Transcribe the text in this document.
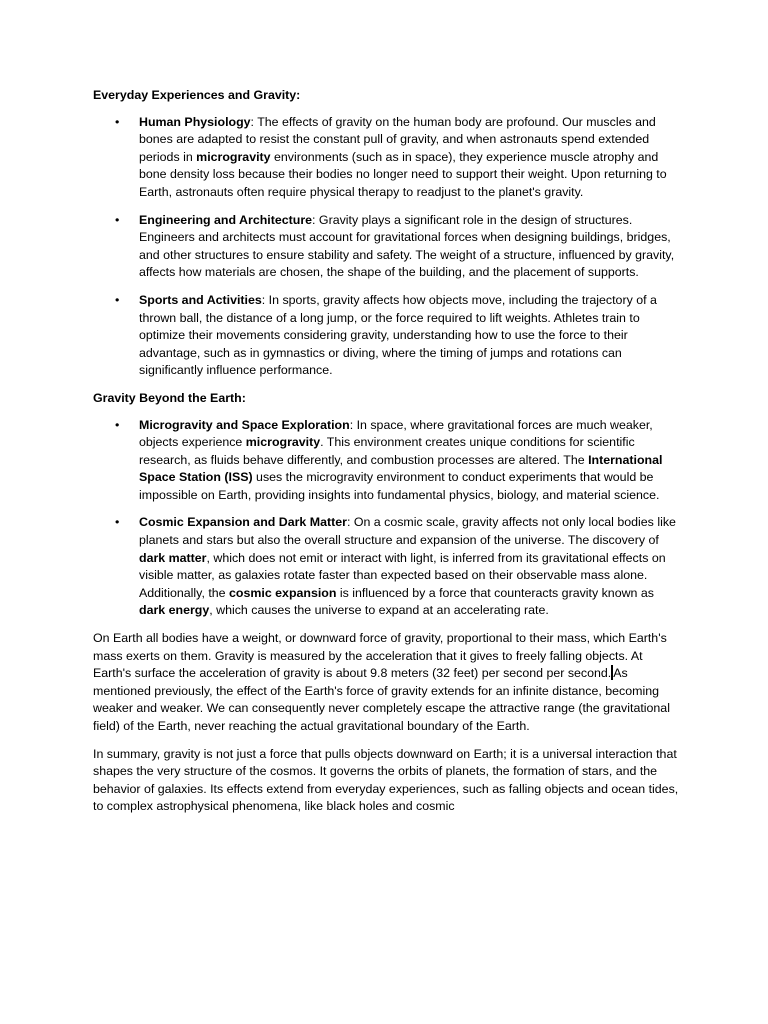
Everyday Experiences and Gravity:
• Human Physiology: The effects of gravity on the human body are profound. Our muscles and bones are adapted to resist the constant pull of gravity, and when astronauts spend extended periods in microgravity environments (such as in space), they experience muscle atrophy and bone density loss because their bodies no longer need to support their weight. Upon returning to Earth, astronauts often require physical therapy to readjust to the planet's gravity.
• Engineering and Architecture: Gravity plays a significant role in the design of structures. Engineers and architects must account for gravitational forces when designing buildings, bridges, and other structures to ensure stability and safety. The weight of a structure, influenced by gravity, affects how materials are chosen, the shape of the building, and the placement of supports.
• Sports and Activities: In sports, gravity affects how objects move, including the trajectory of a thrown ball, the distance of a long jump, or the force required to lift weights. Athletes train to optimize their movements considering gravity, understanding how to use the force to their advantage, such as in gymnastics or diving, where the timing of jumps and rotations can significantly influence performance.
Gravity Beyond the Earth:
• Microgravity and Space Exploration: In space, where gravitational forces are much weaker, objects experience microgravity. This environment creates unique conditions for scientific research, as fluids behave differently, and combustion processes are altered. The International Space Station (ISS) uses the microgravity environment to conduct experiments that would be impossible on Earth, providing insights into fundamental physics, biology, and material science.
• Cosmic Expansion and Dark Matter: On a cosmic scale, gravity affects not only local bodies like planets and stars but also the overall structure and expansion of the universe. The discovery of dark matter, which does not emit or interact with light, is inferred from its gravitational effects on visible matter, as galaxies rotate faster than expected based on their observable mass alone. Additionally, the cosmic expansion is influenced by a force that counteracts gravity known as dark energy, which causes the universe to expand at an accelerating rate.

On Earth all bodies have a weight, or downward force of gravity, proportional to their mass, which Earth's mass exerts on them. Gravity is measured by the acceleration that it gives to freely falling objects. At Earth's surface the acceleration of gravity is about 9.8 meters (32 feet) per second per second. As mentioned previously, the effect of the Earth's force of gravity extends for an infinite distance, becoming weaker and weaker. We can consequently never completely escape the attractive range (the gravitational field) of the Earth, never reaching the actual gravitational boundary of the Earth.

In summary, gravity is not just a force that pulls objects downward on Earth; it is a universal interaction that shapes the very structure of the cosmos. It governs the orbits of planets, the formation of stars, and the behavior of galaxies. Its effects extend from everyday experiences, such as falling objects and ocean tides, to complex astrophysical phenomena, like black holes and cosmic
